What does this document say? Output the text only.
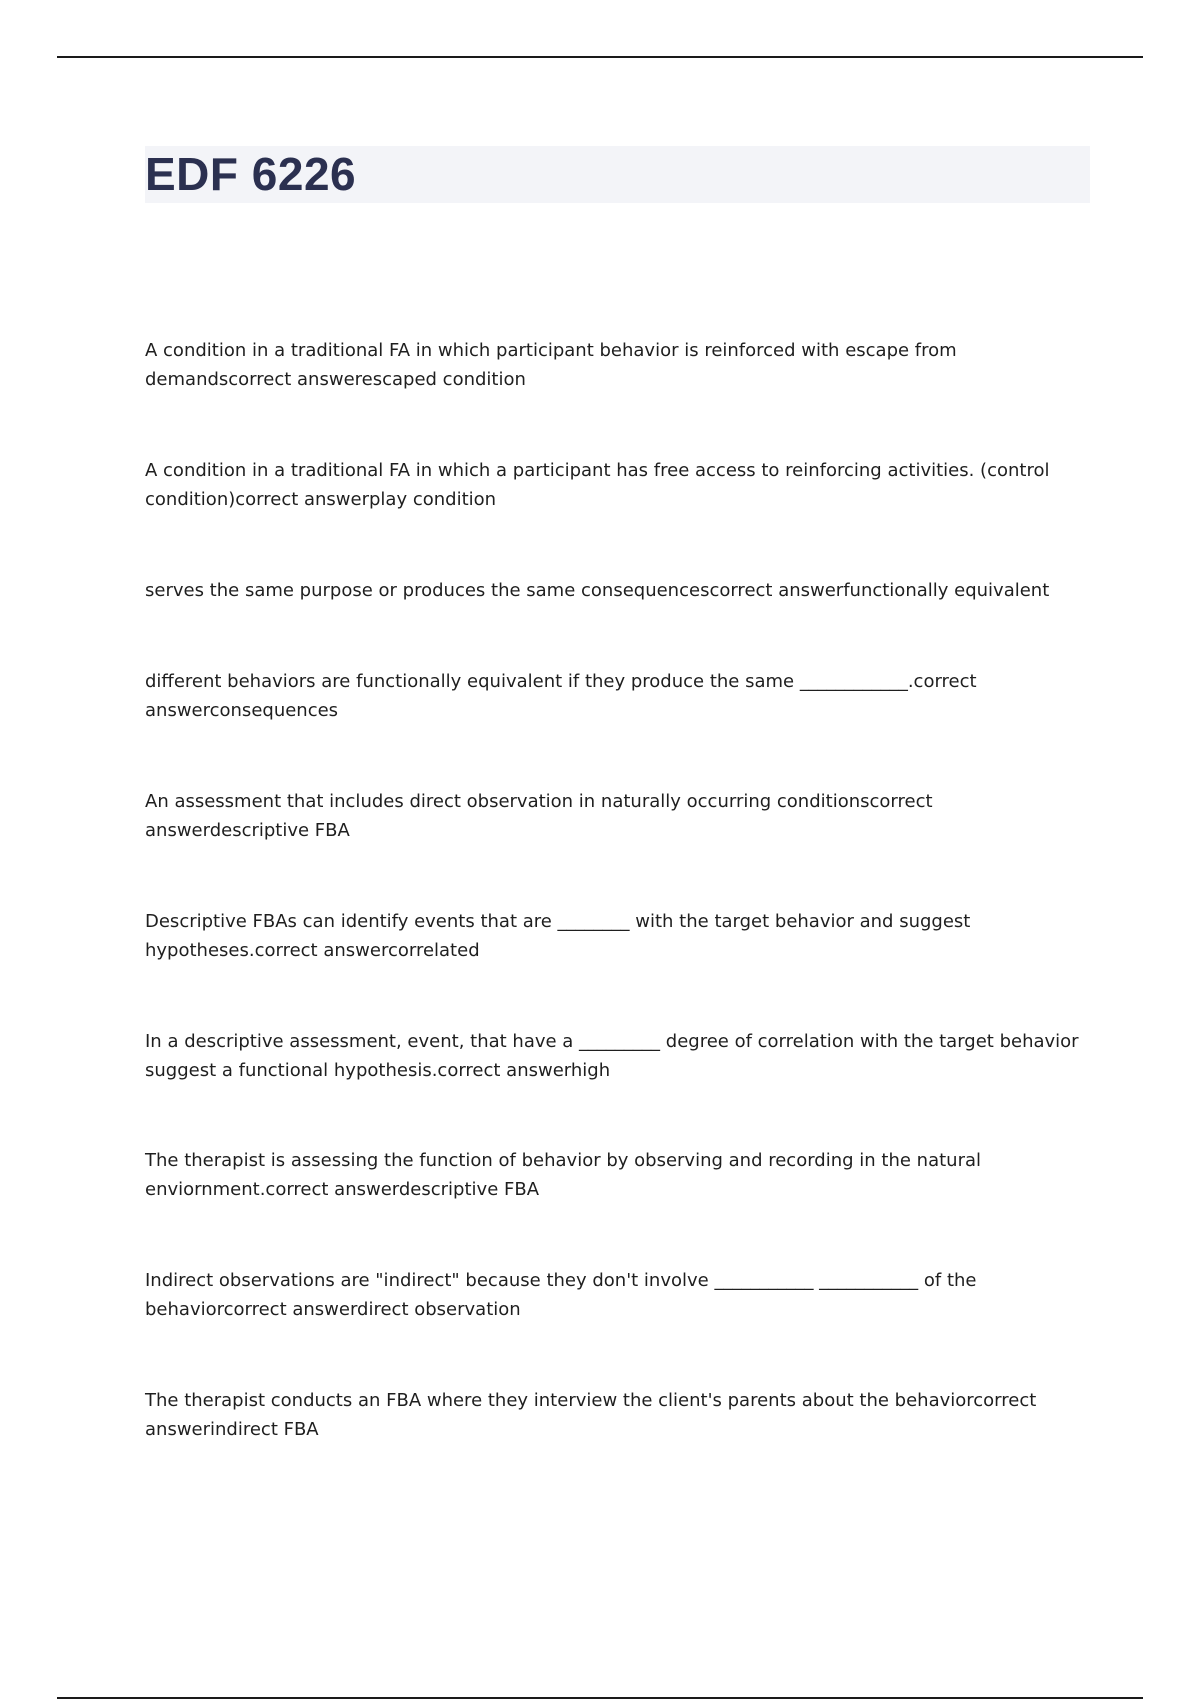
EDF 6226

A condition in a traditional FA in which participant behavior is reinforced with escape from demandscorrect answerescaped condition

A condition in a traditional FA in which a participant has free access to reinforcing activities. (control condition)correct answerplay condition

serves the same purpose or produces the same consequencescorrect answerfunctionally equivalent

different behaviors are functionally equivalent if they produce the same ____________.correct answerconsequences

An assessment that includes direct observation in naturally occurring conditionscorrect answerdescriptive FBA

Descriptive FBAs can identify events that are ________ with the target behavior and suggest hypotheses.correct answercorrelated

In a descriptive assessment, event, that have a _________ degree of correlation with the target behavior suggest a functional hypothesis.correct answerhigh

The therapist is assessing the function of behavior by observing and recording in the natural enviornment.correct answerdescriptive FBA

Indirect observations are "indirect" because they don't involve ___________ ___________ of the behaviorcorrect answerdirect observation

The therapist conducts an FBA where they interview the client's parents about the behaviorcorrect answerindirect FBA
